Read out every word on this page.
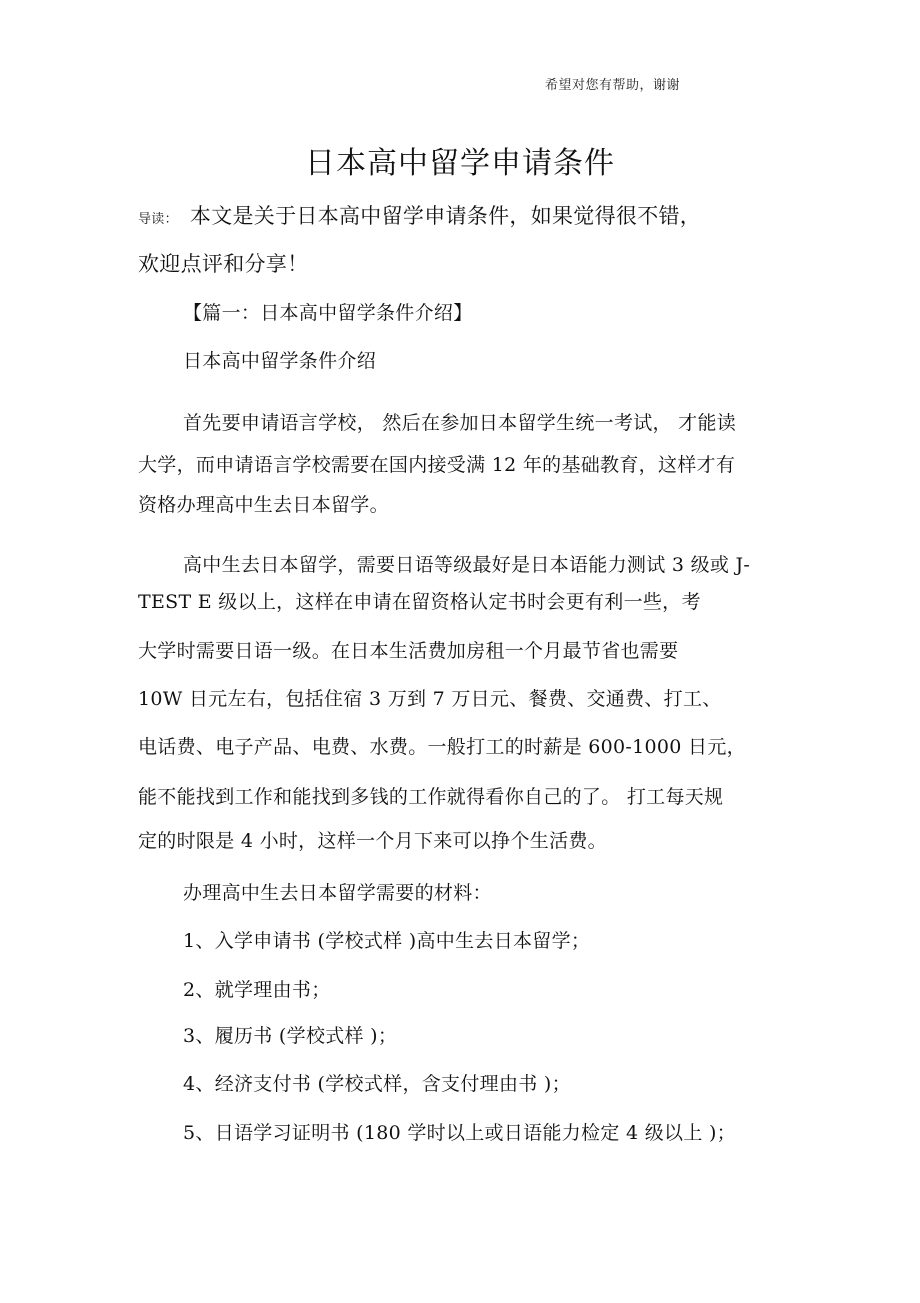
希望对您有帮助，谢谢
日本高中留学申请条件
导读： 本文是关于日本高中留学申请条件，如果觉得很不错，
欢迎点评和分享！
【篇一：日本高中留学条件介绍】
日本高中留学条件介绍
首先要申请语言学校， 然后在参加日本留学生统一考试， 才能读
大学，而申请语言学校需要在国内接受满 12 年的基础教育，这样才有
资格办理高中生去日本留学。
高中生去日本留学，需要日语等级最好是日本语能力测试 3 级或 J-
TEST E 级以上，这样在申请在留资格认定书时会更有利一些，考
大学时需要日语一级。在日本生活费加房租一个月最节省也需要
10W 日元左右，包括住宿 3 万到 7 万日元、餐费、交通费、打工、
电话费、电子产品、电费、水费。一般打工的时薪是 600-1000 日元，
能不能找到工作和能找到多钱的工作就得看你自己的了。 打工每天规
定的时限是 4 小时，这样一个月下来可以挣个生活费。
办理高中生去日本留学需要的材料：
1、入学申请书 (学校式样 )高中生去日本留学；
2、就学理由书；
3、履历书 (学校式样 )；
4、经济支付书 (学校式样，含支付理由书 )；
5、日语学习证明书 (180 学时以上或日语能力检定 4 级以上 )；
